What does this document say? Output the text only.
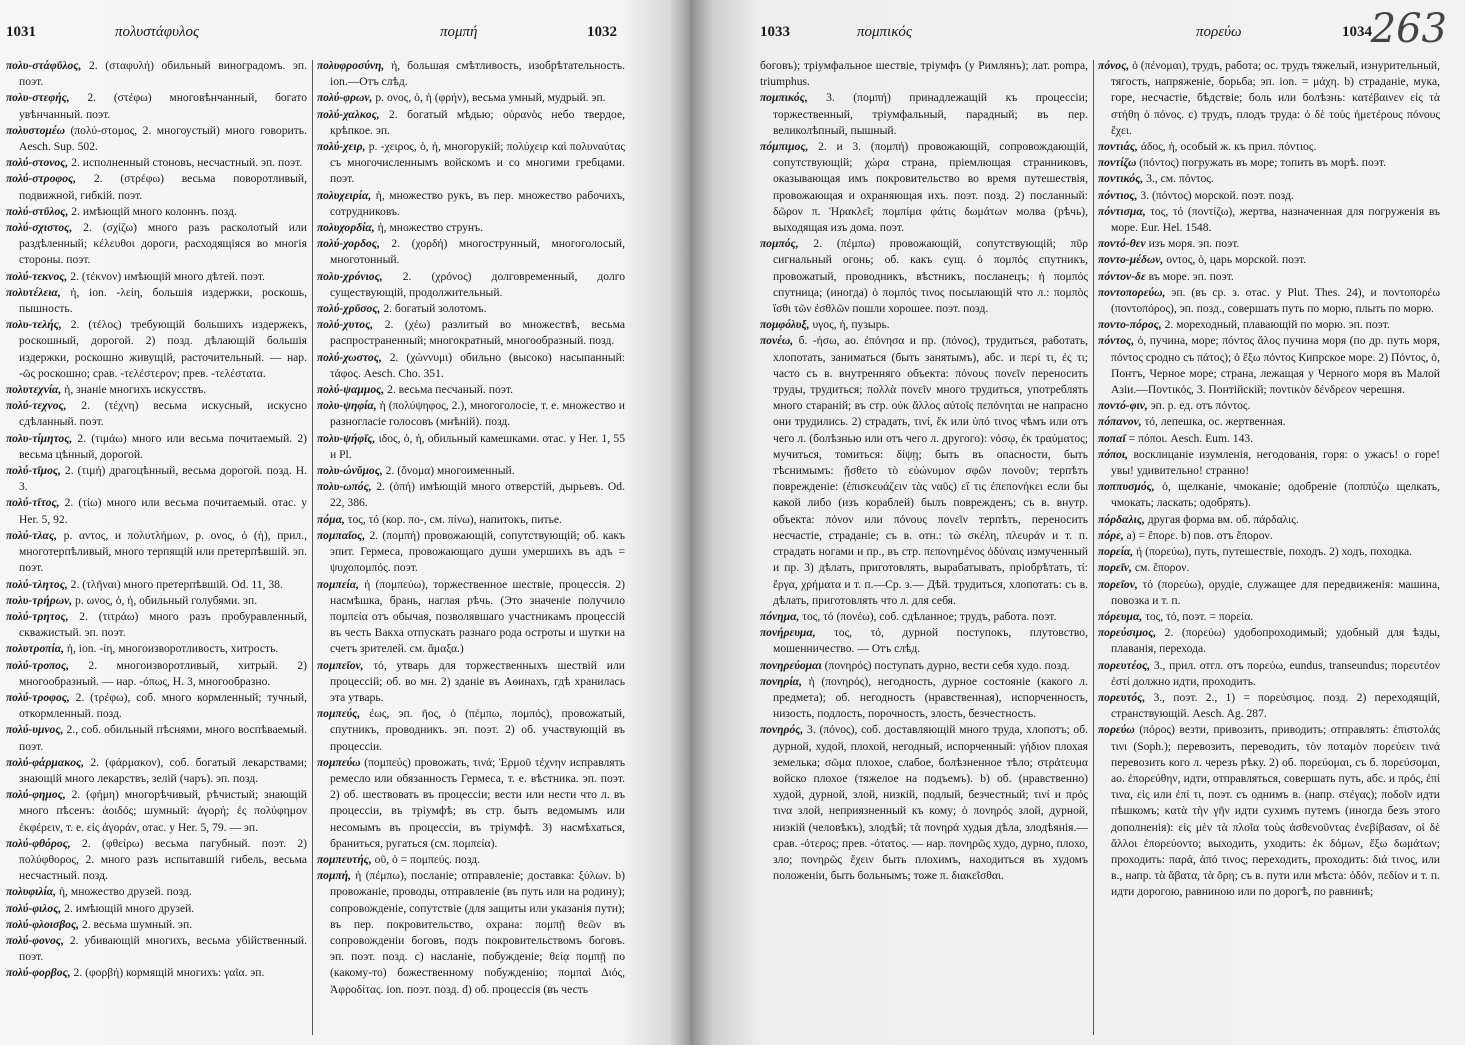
1031	πολυστάφυλος	πομπή	1032

πολυ-στάφῦλος, 2. (σταφυλή) обильный виноградомъ. эп. поэт.

πολυ-στεφής, 2. (στέφω) многовѣнчанный, богато увѣнчанный. поэт.

πολυστομέω (πολύ-στομος, 2. многоустый) много говорить. Aesch. Sup. 502.

πολύ-στονος, 2. исполненный стоновъ, несчастный. эп. поэт.

πολύ-στροφος, 2. (στρέφω) весьма поворотливый, подвижной, гибкій. поэт.

πολύ-στῦλος, 2. имѣющій много колоннъ. позд.

πολύ-σχιστος, 2. (σχίζω) много разъ расколотый или раздѣленный; κέλευθοι дороги, расходящіяся во многія стороны. поэт.

πολύ-τεκνος, 2. (τέκνον) имѣющій много дѣтей. поэт.

πολυτέλεια, ἡ, ion. -λείη, большія издержки, роскошь, пышность.

πολυ-τελής, 2. (τέλος) требующій большихъ издержекъ, роскошный, дорогой. 2) позд. дѣлающій большія издержки, роскошно живущій, расточительный. — нар. -ῶς роскошно; срав. -τελέστερον; прев. -τελέστατα.

πολυτεχνία, ἡ, знаніе многихъ искусствъ.

πολύ-τεχνος, 2. (τέχνη) весьма искусный, искусно сдѣланный. поэт.

πολυ-τίμητος, 2. (τιμάω) много или весьма почитаемый. 2) весьма цѣнный, дорогой.

πολύ-τῖμος, 2. (τιμή) драгоцѣнный, весьма дорогой. позд. Н. 3.

πολύ-τῖτος, 2. (τίω) много или весьма почитаемый. отас. у Her. 5, 92.

πολύ-τλας, р. αντος, и πολυτλήμων, р. ονος, ὁ (ἡ), прил., многотерпѣливый, много терпящій или претерпѣвшій. эп. поэт.

πολύ-τλητος, 2. (τλῆναι) много претерпѣвшій. Od. 11, 38.

πολυ-τρήρων, р. ωνος, ὁ, ἡ, обильный голубями. эп.

πολύ-τρητος, 2. (τιτράω) много разъ пробуравленный, скважистый. эп. поэт.

πολυτροπία, ἡ, ion. -ίη, многоизворотливость, хитрость.

πολύ-τροπος, 2. многоизворотливый, хитрый. 2) многообразный. — нар. -όπως, Н. 3, многообразно.

πολύ-τροφος, 2. (τρέφω), соб. много кормленный; тучный, откормленный. позд.

πολύ-υμνος, 2., соб. обильный пѣснями, много воспѣваемый. поэт.

πολύ-φάρμακος, 2. (φάρμακον), соб. богатый лекарствами; знающій много лекарствъ, зелій (чаръ). эп. позд.

πολύ-φημος, 2. (φήμη) многорѣчивый, рѣчистый; знающій много пѣсенъ: ἀοιδός; шумный: ἀγορή; ἐς πολύφημον ἐκφέρειν, т. е. εἰς ἀγοράν, отас. у Her. 5, 79. — эп.

πολύ-φθόρος, 2. (φθείρω) весьма пагубный. поэт. 2) πολύφθορος, 2. много разъ испытавшій гибель, весьма несчастный. позд.

πολυφιλία, ἡ, множество друзей. позд.

πολύ-φιλος, 2. имѣющій много друзей.

πολύ-φλοισβος, 2. весьма шумный. эп.

πολύ-φονος, 2. убивающій многихъ, весьма убійственный. поэт.

πολύ-φορβος, 2. (φορβή) кормящій многихъ: γαῖα. эп.

πολυφροσύνη, ἡ, большая смѣтливость, изобрѣтательность. ion.—Отъ слѣд.

πολύ-φρων, р. ονος, ὁ, ἡ (φρήν), весьма умный, мудрый. эп.

πολύ-χαλκος, 2. богатый мѣдью; οὐρανὸς небо твердое, крѣпкое. эп.

πολύ-χειρ, р. -χειρος, ὁ, ἡ, многорукій; πολύχειρ καὶ πολυναύτας съ многочисленнымъ войскомъ и со многими гребцами. поэт.

πολυχειρία, ἡ, множество рукъ, въ пер. множество рабочихъ, сотрудниковъ.

πολυχορδία, ἡ, множество струнъ.

πολύ-χορδος, 2. (χορδή) многострунный, многоголосый, многотонный.

πολυ-χρόνιος, 2. (χρόνος) долговременный, долго существующій, продолжительный.

πολύ-χρῦσος, 2. богатый золотомъ.

πολύ-χυτος, 2. (χέω) разлитый во множествѣ, весьма распространенный; многократный, многообразный. позд.

πολύ-χωστος, 2. (χώννυμι) обильно (высоко) насыпанный: τάφος. Aesch. Cho. 351.

πολύ-ψαμμος, 2. весьма песчаный. поэт.

πολυ-ψηφία, ἡ (πολύψηφος, 2.), многоголосіе, т. е. множество и разногласіе голосовъ (мнѣній). позд.

πολυ-ψήφῖς, ιδος, ὁ, ἡ, обильный камешками. отас. у Her. 1, 55 и Pl.

πολυ-ώνῠμος, 2. (ὄνομα) многоименный.

πολυ-ωπός, 2. (ὀπή) имѣющій много отверстій, дырьевъ. Od. 22, 386.

πόμα, τος, τό (кор. πο-, см. πίνω), напитокъ, питье.

πομπαῖος, 2. (πομπή) провожающій, сопутствующій; об. какъ эпит. Гермеса, провожающаго души умершихъ въ адъ = ψυχοπομπός. поэт.

πομπεία, ἡ (πομπεύω), торжественное шествіе, процессія. 2) насмѣшка, брань, наглая рѣчь. (Это значеніе получило πομπεία отъ обычая, позволявшаго участникамъ процессій въ честь Вакха отпускать разнаго рода остроты и шутки на счетъ зрителей. см. ἄμαξα.)

πομπεῖον, τό, утварь для торжественныхъ шествій или процессій; об. во мн. 2) зданіе въ Аѳинахъ, гдѣ хранилась эта утварь.

πομπεύς, έως, эп. ῆος, ὁ (πέμπω, πομπός), провожатый, спутникъ, проводникъ. эп. поэт. 2) об. участвующій въ процессіи.

πομπεύω (πομπεύς) провожать, τινά; Ἑρμοῦ τέχνην исправлять ремесло или обязанность Гермеса, т. е. вѣстника. эп. поэт. 2) об. шествовать въ процессіи; вести или нести что л. въ процессіи, въ тріумфѣ; въ стр. быть ведомымъ или несомымъ въ процессіи, въ тріумфѣ. 3) насмѣхаться, браниться, ругаться (см. πομπεία).

πομπευτής, οῦ, ὁ = πομπεύς. позд.

πομπή, ἡ (πέμπω), посланіе; отправленіе; доставка: ξύλων. b) провожаніе, проводы, отправленіе (въ путь или на родину); сопровожденіе, сопутствіе (для защиты или указанія пути); въ пер. покровительство, охрана: πομπῇ θεῶν въ сопровожденіи боговъ, подъ покровительствомъ боговъ. эп. поэт. позд. c) насланіе, побужденіе; θείᾳ πομπῇ по (какому-то) божественному побужденію; πομπαὶ Διός, Ἀφροδίτας. ion. поэт. позд. d) об. процессія (въ честь

1033	πομπικός	πορεύω	1034
263

боговъ); тріумфальное шествіе, тріумфъ (у Римлянъ); лат. pompa, triumphus.

πομπικός, 3. (πομπή) принадлежащій къ процессіи; торжественный, тріумфальный, парадный; въ пер. великолѣпный, пышный.

πόμπιμος, 2. и 3. (πομπή) провожающій, сопровождающій, сопутствующій; χώρα страна, пріемлющая странниковъ, оказывающая имъ покровительство во время путешествія, провожающая и охраняющая ихъ. поэт. позд. 2) посланный: δῶρον π. Ἡρακλεῖ; πομπίμα φάτις δωμάτων молва (рѣчь), выходящая изъ дома. поэт.

πομπός, 2. (πέμπω) провожающій, сопутствующій; πῦρ сигнальный огонь; об. какъ сущ. ὁ πομπός спутникъ, провожатый, проводникъ, вѣстникъ, посланецъ; ἡ πομπός спутница; (иногда) ὁ πομπός τινος посылающій что л.: πομπὸς ἴσθι τῶν ἐσθλῶν пошли хорошее. поэт. позд.

πομφόλυξ, υγος, ἡ, пузырь.

πονέω, б. -ήσω, ao. ἐπόνησα и пр. (πόνος), трудиться, работать, хлопотать, заниматься (быть занятымъ), абс. и περί τι, ἐς τι; часто съ в. внутренняго объекта: πόνους πονεῖν переносить труды, трудиться; πολλὰ πονεῖν много трудиться, употреблять много стараній; въ стр. οὐκ ἄλλος αὐτοῖς πεπόνηται не напрасно они трудились. 2) страдать, τινί, ἔκ или ὑπό τινος чѣмъ или отъ чего л. (болѣзнью или отъ чего л. другого): νόσῳ, ἐκ τραύματος; мучиться, томиться: δίψῃ; быть въ опасности, быть тѣснимымъ: ᾔσθετο τὸ εὐώνυμον σφῶν πονοῦν; терпѣть поврежденіе: (ἐπισκευάζειν τὰς ναῦς) εἴ τις ἐπεπονήκει если бы какой либо (изъ кораблей) былъ поврежденъ; съ в. внутр. объекта: πόνον или πόνους πονεῖν терпѣть, переносить несчастіе, страданіе; съ в. отн.: τὼ σκέλη, πλευράν и т. п. страдать ногами и пр., въ стр. πεπονημένος ὀδύναις измученный и пр. 3) дѣлать, приготовлять, вырабатывать, пріобрѣтать, τί: ἔργα, χρήματα и т. п.—Ср. з.— Дѣй. трудиться, хлопотать: съ в. дѣлать, приготовлять что л. для себя.

πόνημα, τος, τό (πονέω), соб. сдѣланное; трудъ, работа. поэт.

πονήρευμα, τος, τό, дурной поступокъ, плутовство, мошенничество. — Отъ слѣд.

πονηρεύομαι (πονηρός) поступать дурно, вести себя худо. позд.

πονηρία, ἡ (πονηρός), негодность, дурное состояніе (какого л. предмета); об. негодность (нравственная), испорченность, низость, подлость, порочность, злость, безчестность.

πονηρός, 3. (πόνος), соб. доставляющій много труда, хлопотъ; об. дурной, худой, плохой, негодный, испорченный: γήδιον плохая земелька; σῶμα плохое, слабое, болѣзненное тѣло; στράτευμα войско плохое (тяжелое на подъемъ). b) об. (нравственно) худой, дурной, злой, низкій, подлый, безчестный; τινί и πρός τινα злой, неприязненный къ кому; ὁ πονηρός злой, дурной, низкій (человѣкъ), злодѣй; τὰ πονηρά худыя дѣла, злодѣянія.—срав. -ότερος; прев. -ότατος. — нар. πονηρῶς худо, дурно, плохо, зло; πονηρῶς ἔχειν быть плохимъ, находиться въ худомъ положеніи, быть больнымъ; тоже π. διακεῖσθαι.

πόνος, ὁ (πένομαι), трудъ, работа; ос. трудъ тяжелый, изнурительный, тягость, напряженіе, борьба; эп. ion. = μάχη. b) страданіе, мука, горе, несчастіе, бѣдствіе; боль или болѣзнь: κατέβαινεν εἰς τὰ στήθη ὁ πόνος. c) трудъ, плодъ труда: ὁ δὲ τοὺς ἡμετέρους πόνους ἔχει.

ποντιάς, άδος, ἡ, особый ж. къ прил. πόντιος.

ποντίζω (πόντος) погружать въ море; топить въ морѣ. поэт.

ποντικός, 3., см. πόντος.

πόντιος, 3. (πόντος) морской. поэт. позд.

πόντισμα, τος, τό (ποντίζω), жертва, назначенная для погруженія въ море. Eur. Hel. 1548.

ποντό-θεν изъ моря. эп. поэт.

ποντο-μέδων, οντος, ὁ, царь морской. поэт.

πόντον-δε въ море. эп. поэт.

ποντοπορεύω, эп. (въ ср. з. отас. у Plut. Thes. 24), и ποντοπορέω (ποντοπόρος), эп. позд., совершать путь по морю, плыть по морю.

ποντο-πόρος, 2. мореходный, плавающій по морю. эп. поэт.

πόντος, ὁ, пучина, море; πόντος ἅλος пучина моря (по др. путь моря, πόντος сродно съ πάτος); ὁ ἔξω πόντος Кипрское море. 2) Πόντος, ὁ, Понтъ, Черное море; страна, лежащая у Черного моря въ Малой Азіи.—Ποντικός, 3. Понтійскій; ποντικὸν δένδρεον черешня.

ποντό-φιν, эп. р. ед. отъ πόντος.

πόπανον, τό, лепешка, ос. жертвенная.

ποπαῖ = πόποι. Aesch. Eum. 143.

πόποι, восклицаніе изумленія, негодованія, горя: о ужасъ! о горе! увы! удивительно! странно!

ποππυσμός, ὁ, щелканіе, чмоканіе; одобреніе (ποππύζω щелкать, чмокать; ласкать; одобрять).

πόρδαλις, другая форма вм. об. πάρδαλις.

πόρε, а) = ἔπορε. b) пов. отъ ἔπορον.

πορεία, ἡ (πορεύω), путь, путешествіе, походъ. 2) ходъ, походка.

πορεῖν, см. ἔπορον.

πορεῖον, τό (πορεύω), орудіе, служащее для передвиженія: машина, повозка и т. п.

πόρευμα, τος, τό, поэт. = πορεία.

πορεύσιμος, 2. (πορεύω) удобопроходимый; удобный для ѣзды, плаванія, перехода.

πορευτέος, 3., прил. отгл. отъ πορεύω, eundus, transeundus; πορευτέον ἐστί должно идти, проходить.

πορευτός, 3., поэт. 2., 1) = πορεύσιμος. позд. 2) переходящій, странствующій. Aesch. Ag. 287.

πορεύω (πόρος) везти, привозить, приводить; отправлять: ἐπιστολάς τινι (Soph.); перевозить, переводить, τὸν ποταμὸν πορεύειν τινά перевозить кого л. черезъ рѣку. 2) об. πορεύομαι, съ б. πορεύσομαι, ao. ἐπορεύθην, идти, отправляться, совершать путь, абс. и πρός, ἐπί τινα, εἰς или ἐπί τι, поэт. съ однимъ в. (напр. στέγας); ποδοῖν идти пѣшкомъ; κατὰ τὴν γῆν идти сухимъ путемъ (иногда безъ этого дополненія): εἰς μὲν τὰ πλοῖα τοὺς ἀσθενοῦντας ἐνεβίβασαν, οἱ δὲ ἄλλοι ἐπορεύοντο; выходить, уходить: ἐκ δόμων, ἔξω δωμάτων; проходить: παρά, ἀπό τινος; переходить, проходить: διά τινος, или в., напр. τὰ ἄβατα, τὰ ὄρη; съ в. пути или мѣста: ὁδόν, πεδίον и т. п. идти дорогою, равниною или по дорогѣ, по равнинѣ;
